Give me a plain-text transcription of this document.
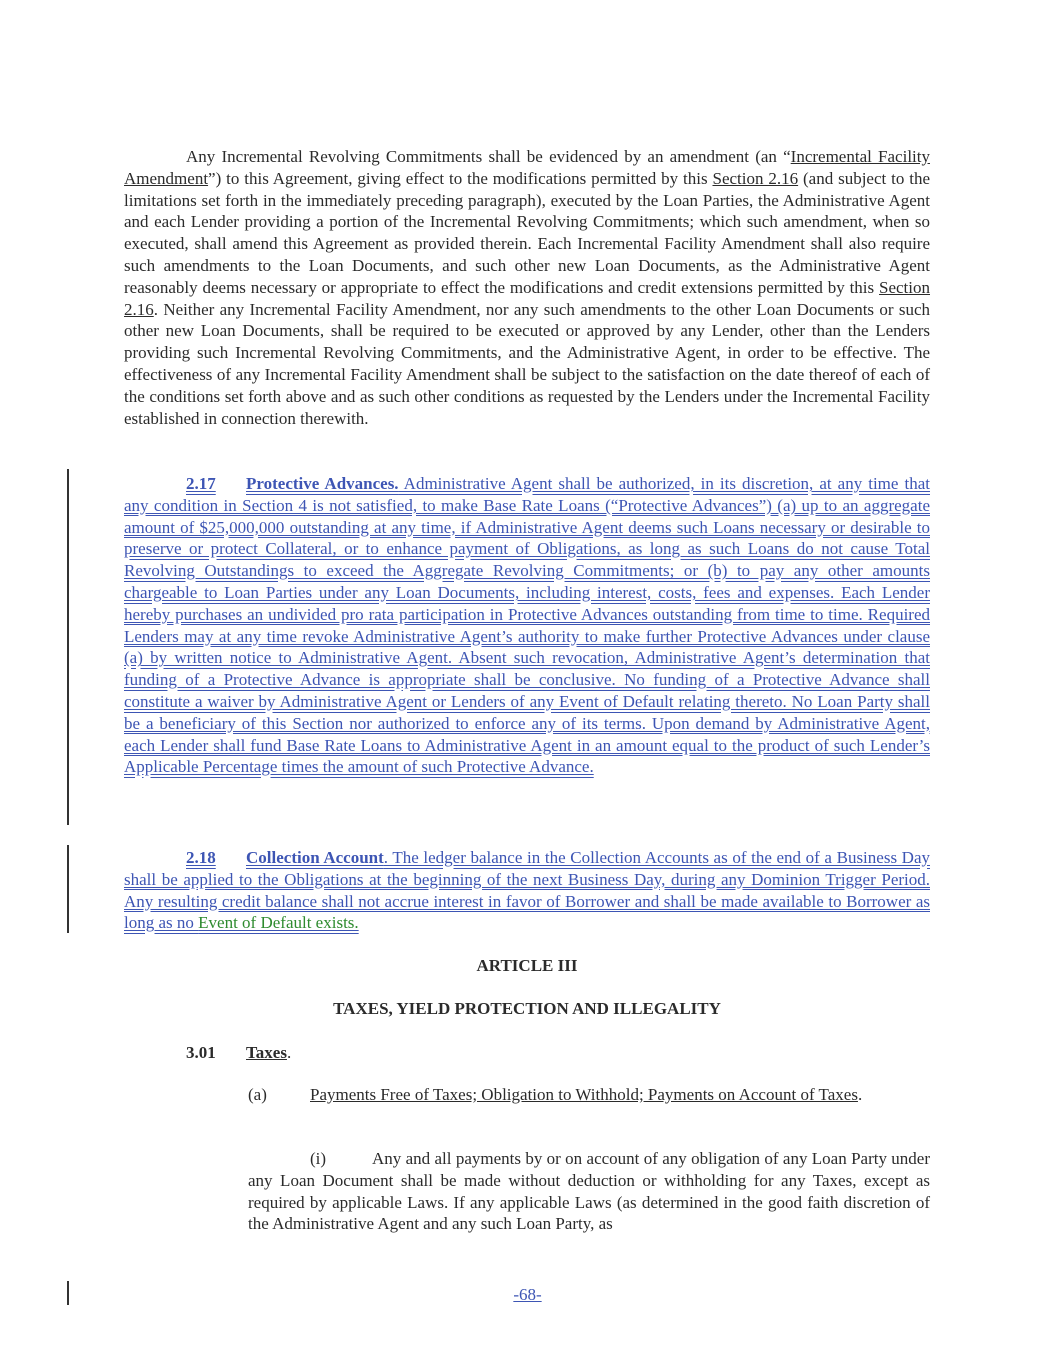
Any Incremental Revolving Commitments shall be evidenced by an amendment (an “Incremental Facility Amendment”) to this Agreement, giving effect to the modifications permitted by this Section 2.16 (and subject to the limitations set forth in the immediately preceding paragraph), executed by the Loan Parties, the Administrative Agent and each Lender providing a portion of the Incremental Revolving Commitments; which such amendment, when so executed, shall amend this Agreement as provided therein. Each Incremental Facility Amendment shall also require such amendments to the Loan Documents, and such other new Loan Documents, as the Administrative Agent reasonably deems necessary or appropriate to effect the modifications and credit extensions permitted by this Section 2.16. Neither any Incremental Facility Amendment, nor any such amendments to the other Loan Documents or such other new Loan Documents, shall be required to be executed or approved by any Lender, other than the Lenders providing such Incremental Revolving Commitments, and the Administrative Agent, in order to be effective. The effectiveness of any Incremental Facility Amendment shall be subject to the satisfaction on the date thereof of each of the conditions set forth above and as such other conditions as requested by the Lenders under the Incremental Facility established in connection therewith.
2.17 Protective Advances. Administrative Agent shall be authorized, in its discretion, at any time that any condition in Section 4 is not satisfied, to make Base Rate Loans (“Protective Advances”) (a) up to an aggregate amount of $25,000,000 outstanding at any time, if Administrative Agent deems such Loans necessary or desirable to preserve or protect Collateral, or to enhance payment of Obligations, as long as such Loans do not cause Total Revolving Outstandings to exceed the Aggregate Revolving Commitments; or (b) to pay any other amounts chargeable to Loan Parties under any Loan Documents, including interest, costs, fees and expenses. Each Lender hereby purchases an undivided pro rata participation in Protective Advances outstanding from time to time. Required Lenders may at any time revoke Administrative Agent’s authority to make further Protective Advances under clause (a) by written notice to Administrative Agent. Absent such revocation, Administrative Agent’s determination that funding of a Protective Advance is appropriate shall be conclusive. No funding of a Protective Advance shall constitute a waiver by Administrative Agent or Lenders of any Event of Default relating thereto. No Loan Party shall be a beneficiary of this Section nor authorized to enforce any of its terms. Upon demand by Administrative Agent, each Lender shall fund Base Rate Loans to Administrative Agent in an amount equal to the product of such Lender’s Applicable Percentage times the amount of such Protective Advance.
2.18 Collection Account. The ledger balance in the Collection Accounts as of the end of a Business Day shall be applied to the Obligations at the beginning of the next Business Day, during any Dominion Trigger Period. Any resulting credit balance shall not accrue interest in favor of Borrower and shall be made available to Borrower as long as no Event of Default exists.
ARTICLE III
TAXES, YIELD PROTECTION AND ILLEGALITY
3.01 Taxes.
(a)	Payments Free of Taxes; Obligation to Withhold; Payments on Account of Taxes.
(i)	Any and all payments by or on account of any obligation of any Loan Party under any Loan Document shall be made without deduction or withholding for any Taxes, except as required by applicable Laws. If any applicable Laws (as determined in the good faith discretion of the Administrative Agent and any such Loan Party, as
-68-
